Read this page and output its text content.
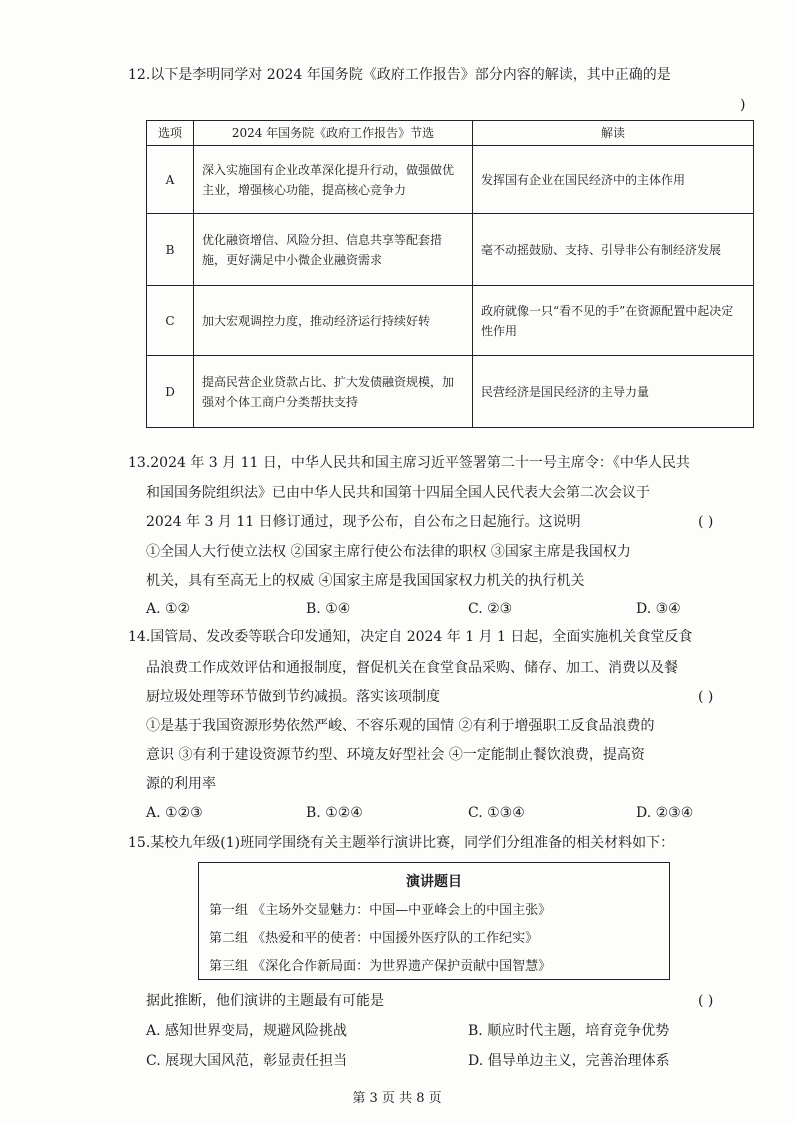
12.以下是李明同学对 2024 年国务院《政府工作报告》部分内容的解读，其中正确的是
)
选项	2024 年国务院《政府工作报告》节选	解读
A	深入实施国有企业改革深化提升行动，做强做优主业，增强核心功能，提高核心竞争力	发挥国有企业在国民经济中的主体作用
B	优化融资增信、风险分担、信息共享等配套措施，更好满足中小微企业融资需求	毫不动摇鼓励、支持、引导非公有制经济发展
C	加大宏观调控力度，推动经济运行持续好转	政府就像一只“看不见的手”在资源配置中起决定性作用
D	提高民营企业贷款占比、扩大发债融资规模，加强对个体工商户分类帮扶支持	民营经济是国民经济的主导力量
13.2024 年 3 月 11 日，中华人民共和国主席习近平签署第二十一号主席令：《中华人民共
和国国务院组织法》已由中华人民共和国第十四届全国人民代表大会第二次会议于
2024 年 3 月 11 日修订通过，现予公布，自公布之日起施行。这说明	( )
①全国人大行使立法权 ②国家主席行使公布法律的职权 ③国家主席是我国权力
机关，具有至高无上的权威 ④国家主席是我国国家权力机关的执行机关
A. ①②	B. ①④	C. ②③	D. ③④
14.国管局、发改委等联合印发通知，决定自 2024 年 1 月 1 日起，全面实施机关食堂反食
品浪费工作成效评估和通报制度，督促机关在食堂食品采购、储存、加工、消费以及餐
厨垃圾处理等环节做到节约减损。落实该项制度	( )
①是基于我国资源形势依然严峻、不容乐观的国情 ②有利于增强职工反食品浪费的
意识 ③有利于建设资源节约型、环境友好型社会 ④一定能制止餐饮浪费，提高资
源的利用率
A. ①②③	B. ①②④	C. ①③④	D. ②③④
15.某校九年级(1)班同学围绕有关主题举行演讲比赛，同学们分组准备的相关材料如下：
演讲题目
第一组 《主场外交显魅力：中国—中亚峰会上的中国主张》
第二组 《热爱和平的使者：中国援外医疗队的工作纪实》
第三组 《深化合作新局面：为世界遗产保护贡献中国智慧》
据此推断，他们演讲的主题最有可能是	( )
A. 感知世界变局，规避风险挑战	B. 顺应时代主题，培育竞争优势
C. 展现大国风范，彰显责任担当	D. 倡导单边主义，完善治理体系
第 3 页 共 8 页
